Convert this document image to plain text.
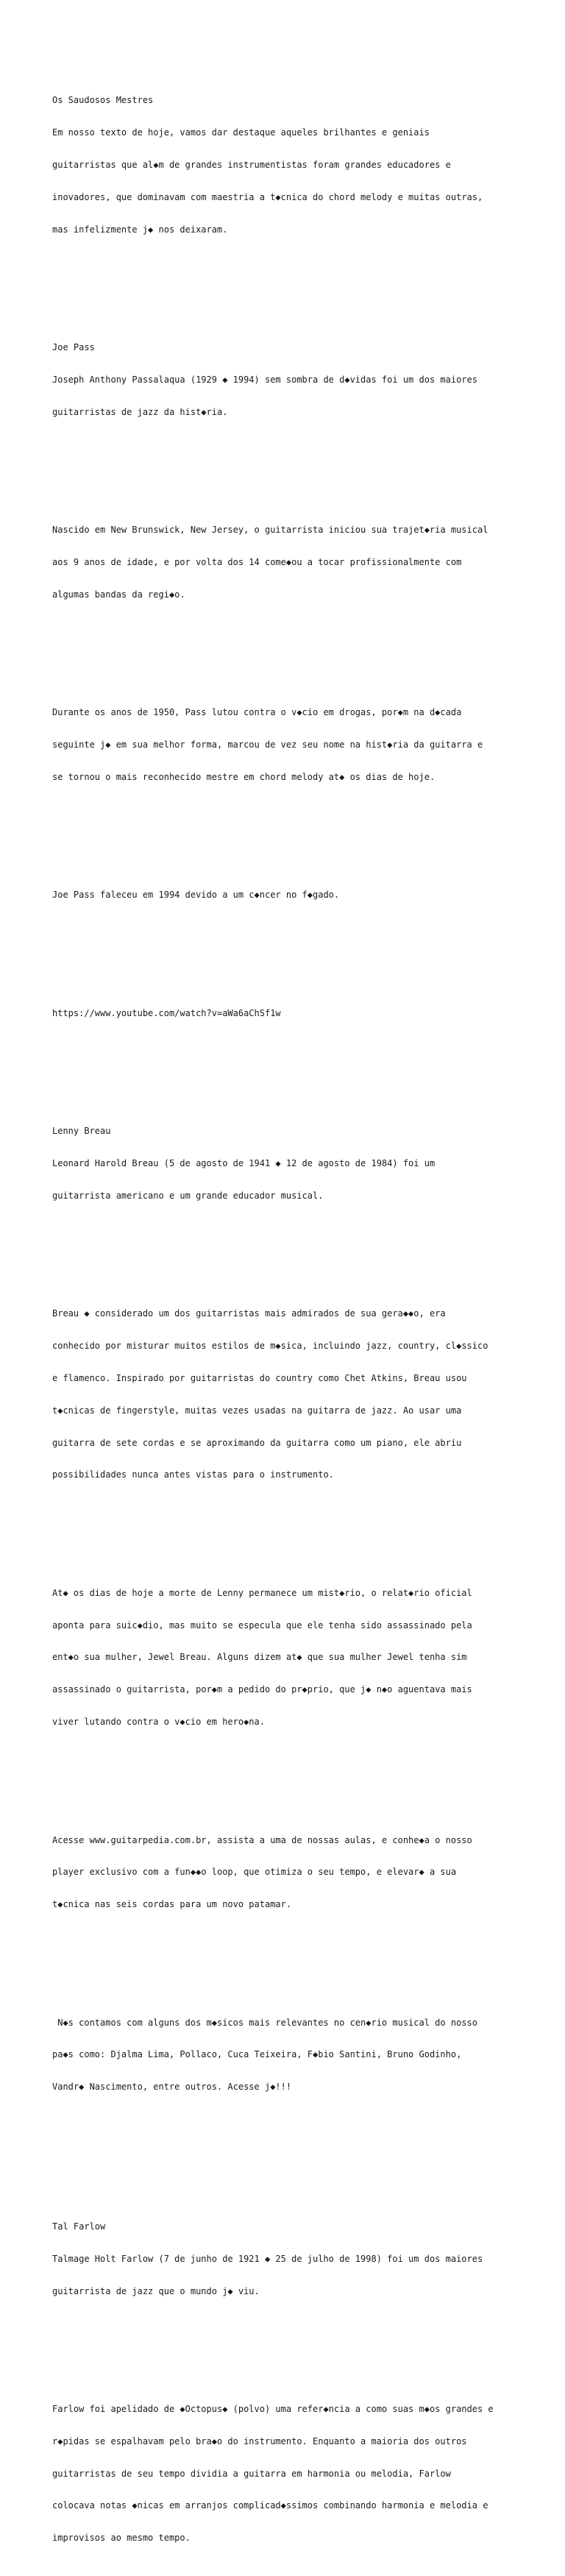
Os Saudosos Mestres

Em nosso texto de hoje, vamos dar destaque aqueles brilhantes e geniais

guitarristas que al◆m de grandes instrumentistas foram grandes educadores e

inovadores, que dominavam com maestria a t◆cnica do chord melody e muitas outras,

mas infelizmente j◆ nos deixaram.

Joe Pass

Joseph Anthony Passalaqua (1929 ◆ 1994) sem sombra de d◆vidas foi um dos maiores

guitarristas de jazz da hist◆ria.

Nascido em New Brunswick, New Jersey, o guitarrista iniciou sua trajet◆ria musical

aos 9 anos de idade, e por volta dos 14 come◆ou a tocar profissionalmente com

algumas bandas da regi◆o.

Durante os anos de 1950, Pass lutou contra o v◆cio em drogas, por◆m na d◆cada

seguinte j◆ em sua melhor forma, marcou de vez seu nome na hist◆ria da guitarra e

se tornou o mais reconhecido mestre em chord melody at◆ os dias de hoje.

Joe Pass faleceu em 1994 devido a um c◆ncer no f◆gado.

https://www.youtube.com/watch?v=aWa6aChSf1w

Lenny Breau

Leonard Harold Breau (5 de agosto de 1941 ◆ 12 de agosto de 1984) foi um

guitarrista americano e um grande educador musical.

Breau ◆ considerado um dos guitarristas mais admirados de sua gera◆◆o, era

conhecido por misturar muitos estilos de m◆sica, incluindo jazz, country, cl◆ssico

e flamenco. Inspirado por guitarristas do country como Chet Atkins, Breau usou

t◆cnicas de fingerstyle, muitas vezes usadas na guitarra de jazz. Ao usar uma

guitarra de sete cordas e se aproximando da guitarra como um piano, ele abriu

possibilidades nunca antes vistas para o instrumento.

At◆ os dias de hoje a morte de Lenny permanece um mist◆rio, o relat◆rio oficial

aponta para suic◆dio, mas muito se especula que ele tenha sido assassinado pela

ent◆o sua mulher, Jewel Breau. Alguns dizem at◆ que sua mulher Jewel tenha sim

assassinado o guitarrista, por◆m a pedido do pr◆prio, que j◆ n◆o aguentava mais

viver lutando contra o v◆cio em hero◆na.

Acesse www.guitarpedia.com.br, assista a uma de nossas aulas, e conhe◆a o nosso

player exclusivo com a fun◆◆o loop, que otimiza o seu tempo, e elevar◆ a sua

t◆cnica nas seis cordas para um novo patamar.

N◆s contamos com alguns dos m◆sicos mais relevantes no cen◆rio musical do nosso

pa◆s como: Djalma Lima, Pollaco, Cuca Teixeira, F◆bio Santini, Bruno Godinho,

Vandr◆ Nascimento, entre outros. Acesse j◆!!!

Tal Farlow

Talmage Holt Farlow (7 de junho de 1921 ◆ 25 de julho de 1998) foi um dos maiores

guitarrista de jazz que o mundo j◆ viu.

Farlow foi apelidado de ◆Octopus◆ (polvo) uma refer◆ncia a como suas m◆os grandes e

r◆pidas se espalhavam pelo bra◆o do instrumento. Enquanto a maioria dos outros

guitarristas de seu tempo dividia a guitarra em harmonia ou melodia, Farlow

colocava notas ◆nicas em arranjos complicad◆ssimos combinando harmonia e melodia e

improvisos ao mesmo tempo.
